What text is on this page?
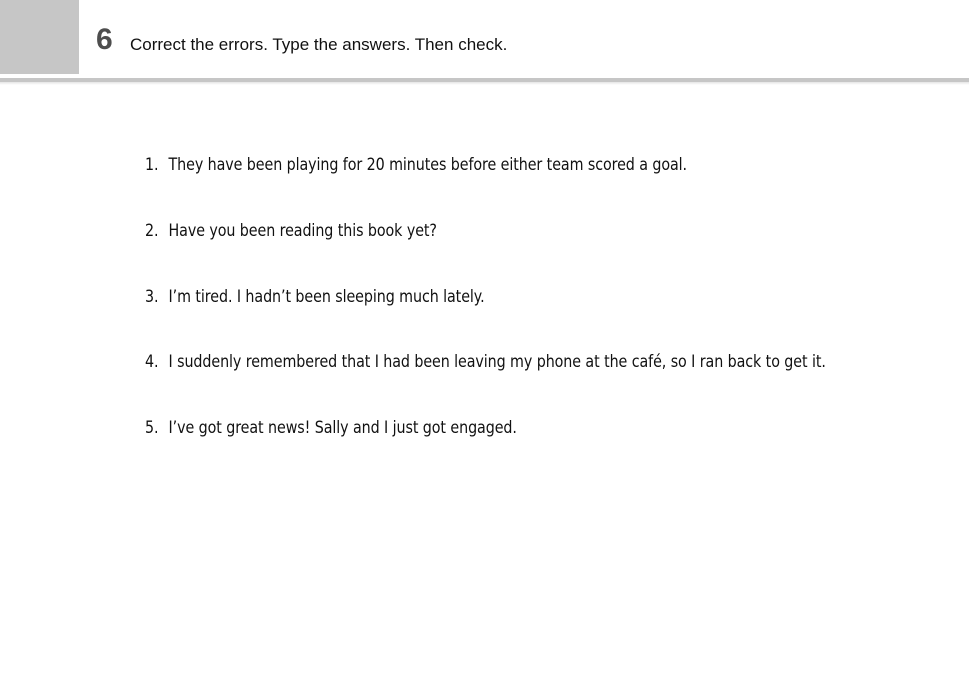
6 Correct the errors. Type the answers. Then check.
1. They have been playing for 20 minutes before either team scored a goal.
2. Have you been reading this book yet?
3. I’m tired. I hadn’t been sleeping much lately.
4. I suddenly remembered that I had been leaving my phone at the café, so I ran back to get it.
5. I’ve got great news! Sally and I just got engaged.
